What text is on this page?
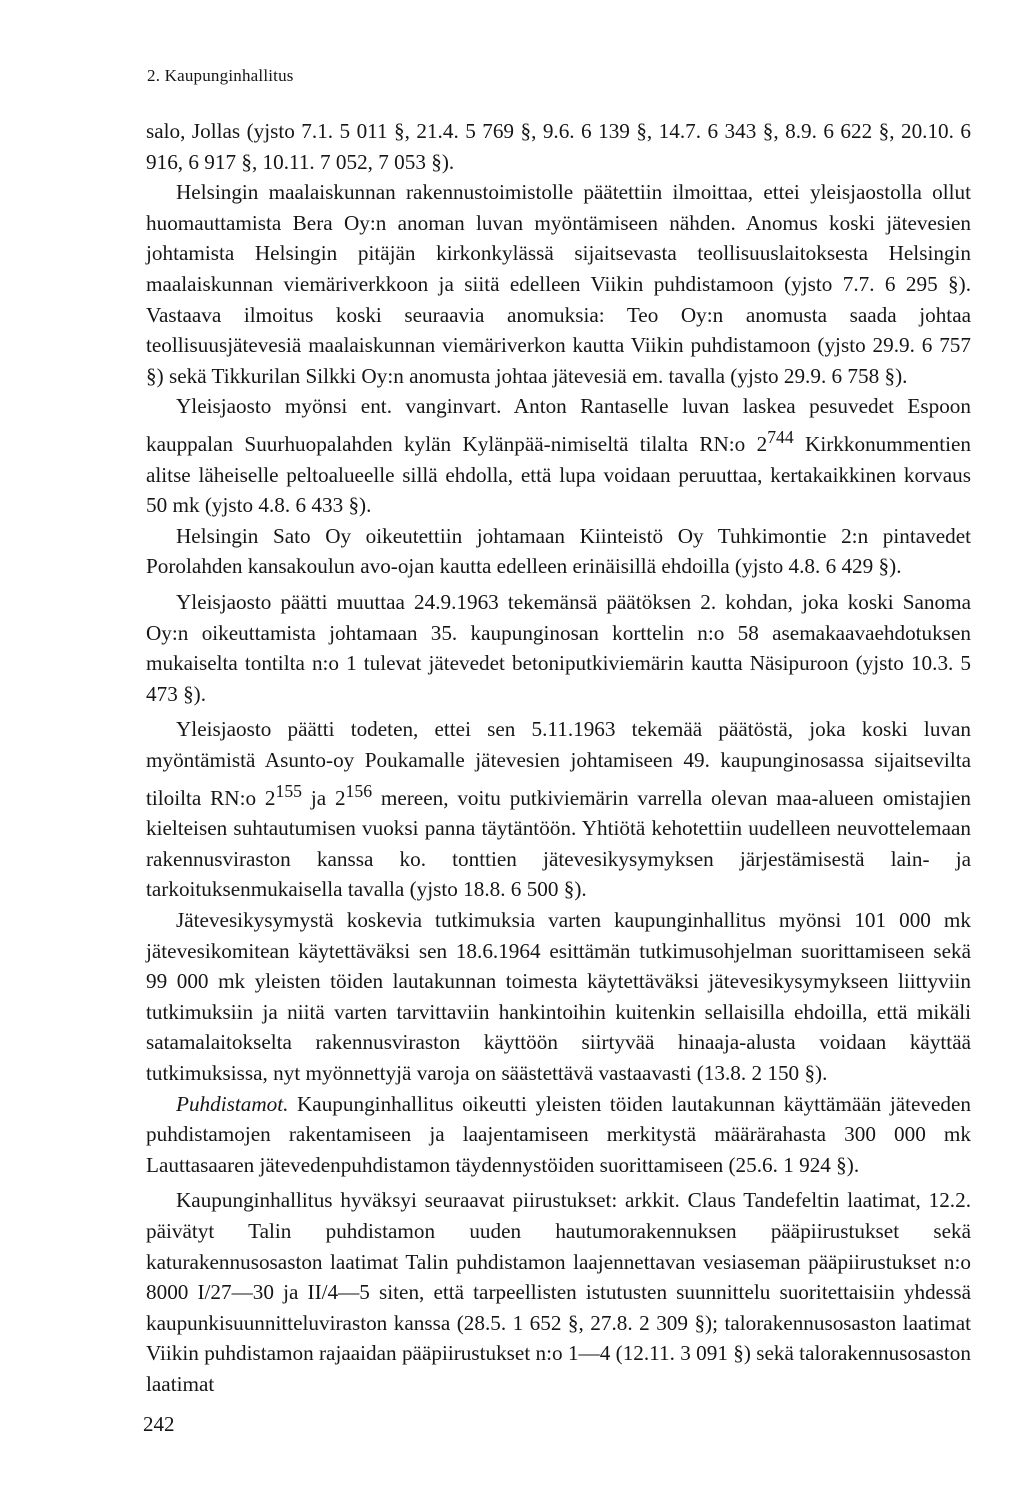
2. Kaupunginhallitus

salo, Jollas (yjsto 7.1. 5 011 §, 21.4. 5 769 §, 9.6. 6 139 §, 14.7. 6 343 §, 8.9. 6 622 §, 20.10. 6 916, 6 917 §, 10.11. 7 052, 7 053 §).

Helsingin maalaiskunnan rakennustoimistolle päätettiin ilmoittaa, ettei yleisjaostolla ollut huomauttamista Bera Oy:n anoman luvan myöntämiseen nähden. Anomus koski jätevesien johtamista Helsingin pitäjän kirkonkylässä sijaitsevasta teollisuuslaitoksesta Helsingin maalaiskunnan viemäriverkkoon ja siitä edelleen Viikin puhdistamoon (yjsto 7.7. 6 295 §). Vastaava ilmoitus koski seuraavia anomuksia: Teo Oy:n anomusta saada johtaa teollisuusjätevesiä maalaiskunnan viemäriverkon kautta Viikin puhdistamoon (yjsto 29.9. 6 757 §) sekä Tikkurilan Silkki Oy:n anomusta johtaa jätevesiä em. tavalla (yjsto 29.9. 6 758 §).

Yleisjaosto myönsi ent. vanginvart. Anton Rantaselle luvan laskea pesuvedet Espoon kauppalan Suurhuopalahden kylän Kylänpää-nimiseltä tilalta RN:o $2^{744}$ Kirkkonummentien alitse läheiselle peltoalueelle sillä ehdolla, että lupa voidaan peruuttaa, kertakaikkinen korvaus 50 mk (yjsto 4.8. 6 433 §).

Helsingin Sato Oy oikeutettiin johtamaan Kiinteistö Oy Tuhkimontie 2:n pintavedet Porolahden kansakoulun avo-ojan kautta edelleen erinäisillä ehdoilla (yjsto 4.8. 6 429 §).

Yleisjaosto päätti muuttaa 24.9.1963 tekemänsä päätöksen 2. kohdan, joka koski Sanoma Oy:n oikeuttamista johtamaan 35. kaupunginosan korttelin n:o 58 asemakaavaehdotuksen mukaiselta tontilta n:o 1 tulevat jätevedet betoniputkiviemärin kautta Näsipuroon (yjsto 10.3. 5 473 §).

Yleisjaosto päätti todeten, ettei sen 5.11.1963 tekemää päätöstä, joka koski luvan myöntämistä Asunto-oy Poukamalle jätevesien johtamiseen 49. kaupunginosassa sijaitsevilta tiloilta RN:o $2^{155}$ ja $2^{156}$ mereen, voitu putkiviemärin varrella olevan maa-alueen omistajien kielteisen suhtautumisen vuoksi panna täytäntöön. Yhtiötä kehotettiin uudelleen neuvottelemaan rakennusviraston kanssa ko. tonttien jätevesikysymyksen järjestämisestä lain- ja tarkoituksenmukaisella tavalla (yjsto 18.8. 6 500 §).

Jätevesikysymystä koskevia tutkimuksia varten kaupunginhallitus myönsi 101 000 mk jätevesikomitean käytettäväksi sen 18.6.1964 esittämän tutkimusohjelman suorittamiseen sekä 99 000 mk yleisten töiden lautakunnan toimesta käytettäväksi jätevesikysymykseen liittyviin tutkimuksiin ja niitä varten tarvittaviin hankintoihin kuitenkin sellaisilla ehdoilla, että mikäli satamalaitokselta rakennusviraston käyttöön siirtyvää hinaaja-alusta voidaan käyttää tutkimuksissa, nyt myönnettyjä varoja on säästettävä vastaavasti (13.8. 2 150 §).

Puhdistamot. Kaupunginhallitus oikeutti yleisten töiden lautakunnan käyttämään jäteveden puhdistamojen rakentamiseen ja laajentamiseen merkitystä määrärahasta 300 000 mk Lauttasaaren jätevedenpuhdistamon täydennystöiden suorittamiseen (25.6. 1 924 §).

Kaupunginhallitus hyväksyi seuraavat piirustukset: arkkit. Claus Tandefeltin laatimat, 12.2. päivätyt Talin puhdistamon uuden hautumorakennuksen pääpiirustukset sekä katurakennusosaston laatimat Talin puhdistamon laajennettavan vesiaseman pääpiirustukset n:o 8000 I/27—30 ja II/4—5 siten, että tarpeellisten istutusten suunnittelu suoritettaisiin yhdessä kaupunkisuunnitteluviraston kanssa (28.5. 1 652 §, 27.8. 2 309 §); talorakennusosaston laatimat Viikin puhdistamon rajaaidan pääpiirustukset n:o 1—4 (12.11. 3 091 §) sekä talorakennusosaston laatimat

242
